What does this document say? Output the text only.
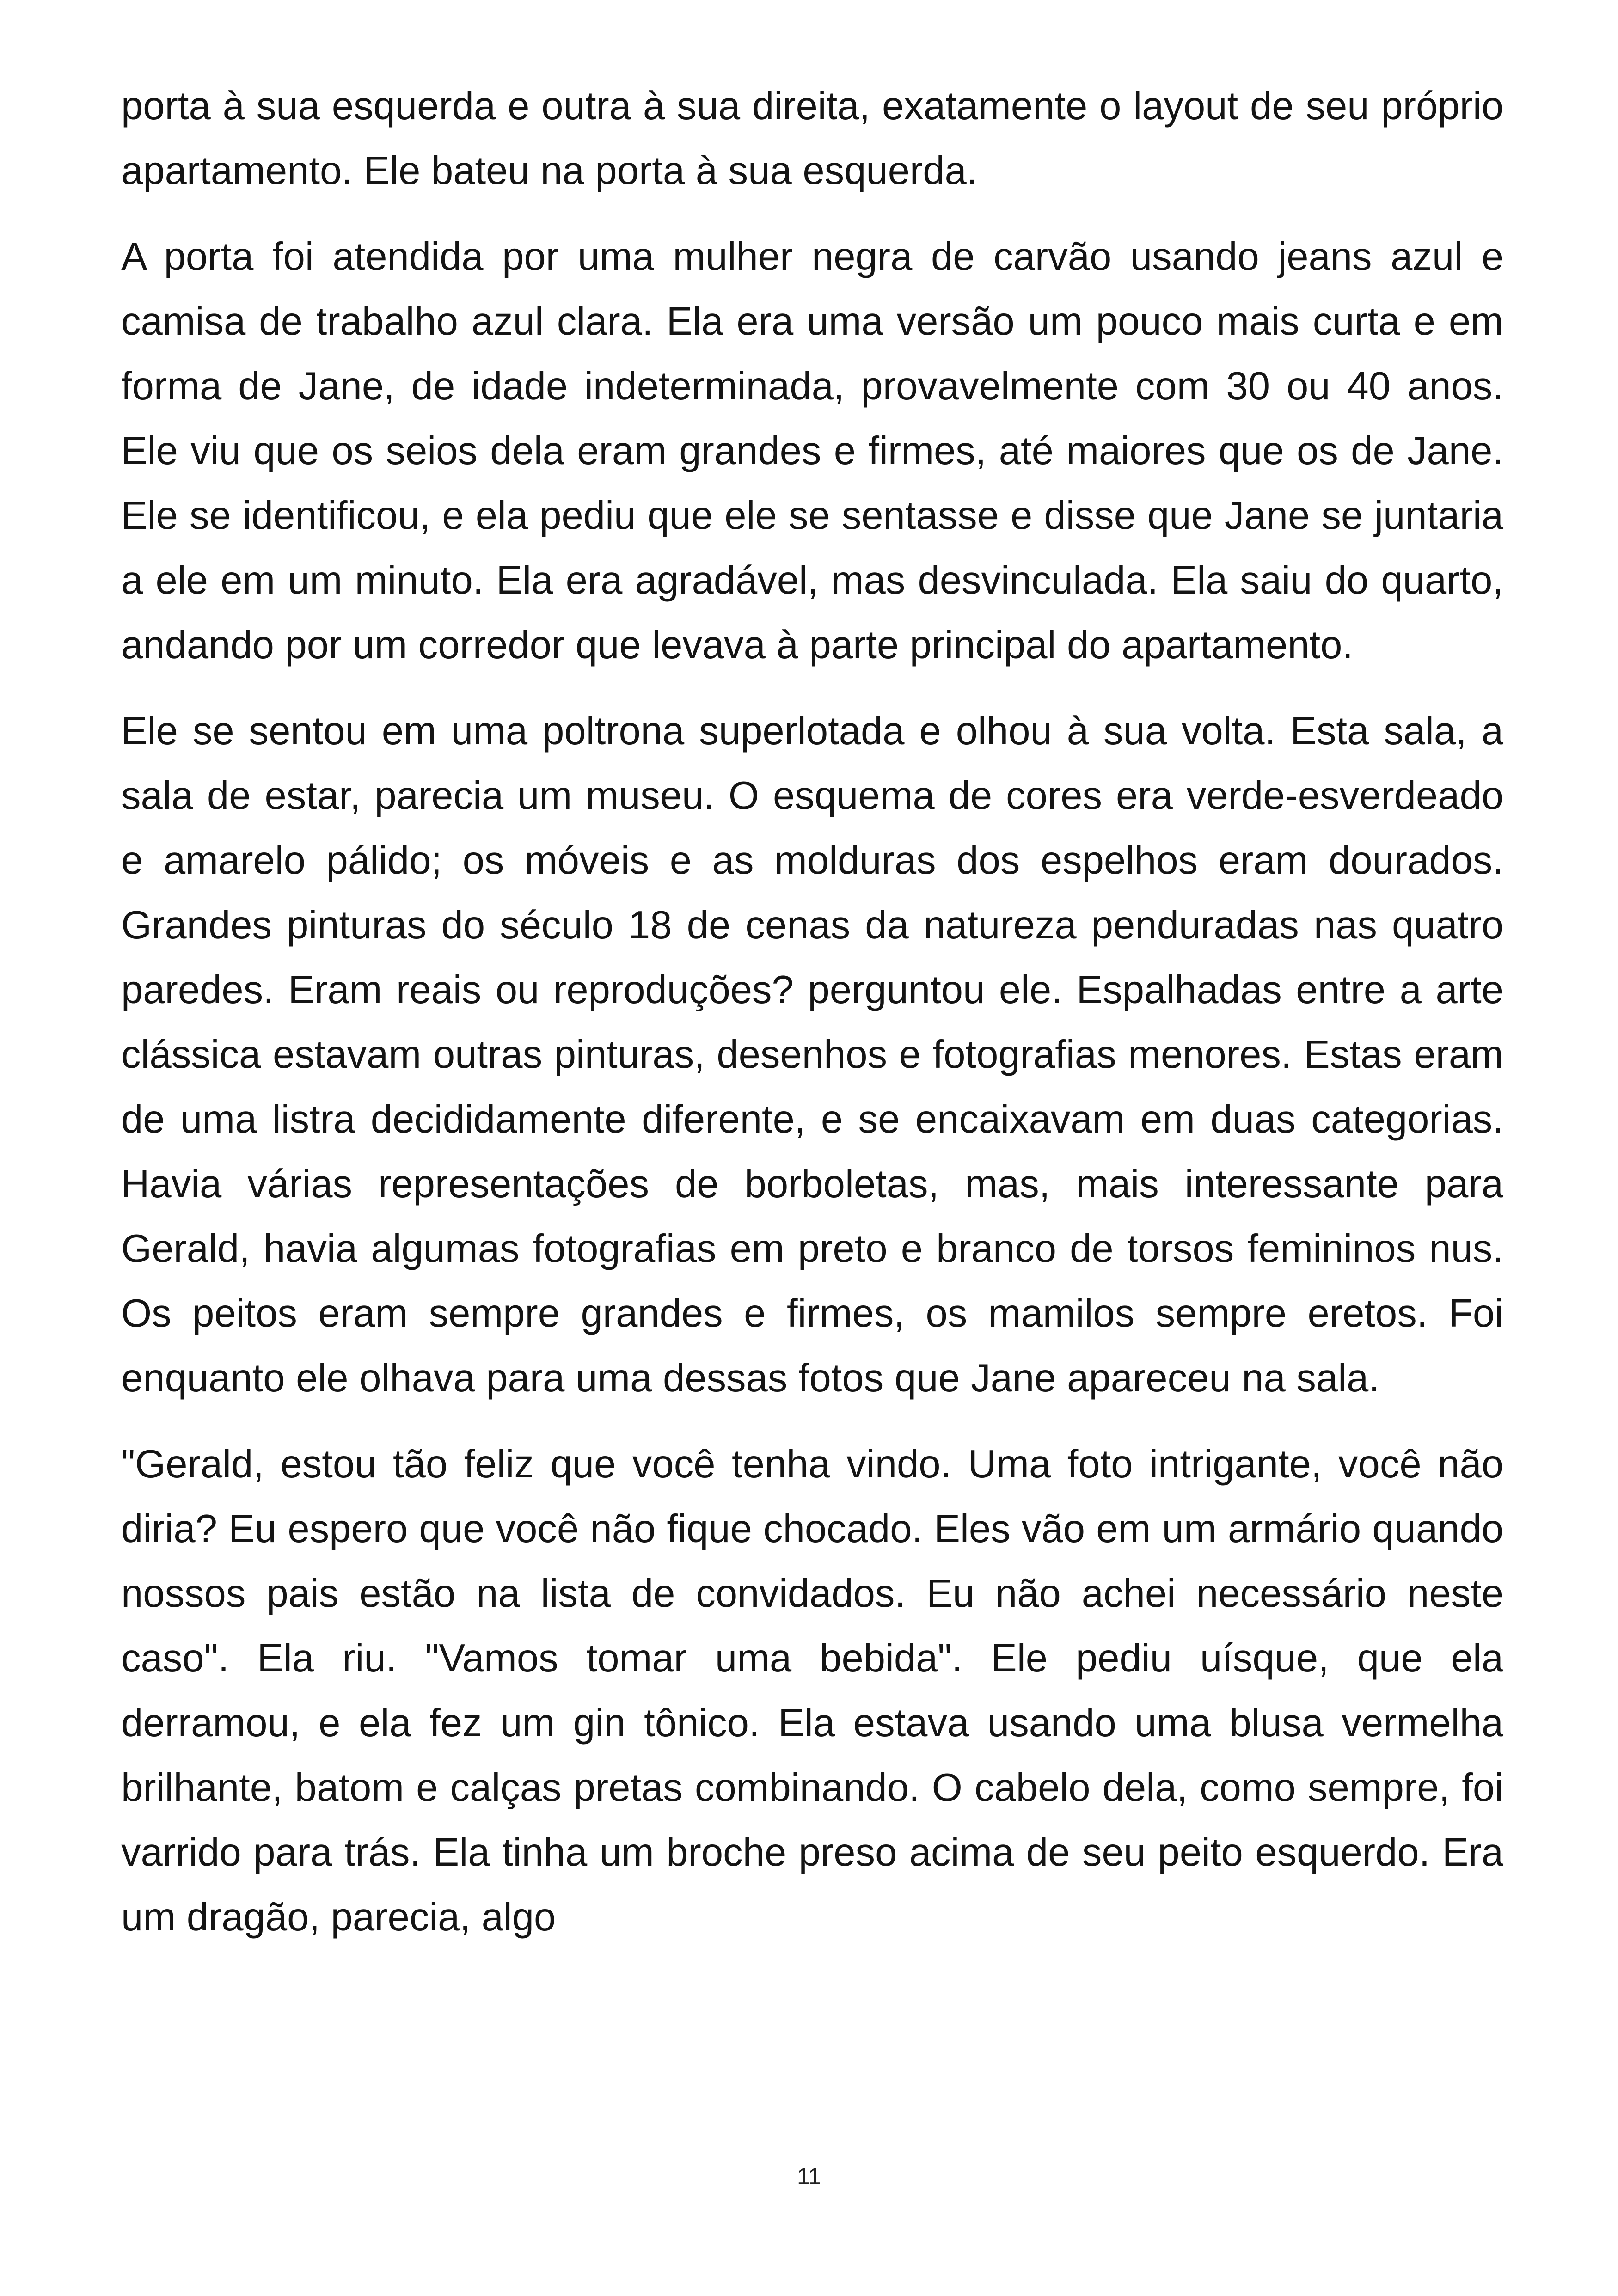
porta à sua esquerda e outra à sua direita, exatamente o layout de seu próprio apartamento. Ele bateu na porta à sua esquerda.

A porta foi atendida por uma mulher negra de carvão usando jeans azul e camisa de trabalho azul clara. Ela era uma versão um pouco mais curta e em forma de Jane, de idade indeterminada, provavelmente com 30 ou 40 anos. Ele viu que os seios dela eram grandes e firmes, até maiores que os de Jane. Ele se identificou, e ela pediu que ele se sentasse e disse que Jane se juntaria a ele em um minuto. Ela era agradável, mas desvinculada. Ela saiu do quarto, andando por um corredor que levava à parte principal do apartamento.

Ele se sentou em uma poltrona superlotada e olhou à sua volta. Esta sala, a sala de estar, parecia um museu. O esquema de cores era verde-esverdeado e amarelo pálido; os móveis e as molduras dos espelhos eram dourados. Grandes pinturas do século 18 de cenas da natureza penduradas nas quatro paredes. Eram reais ou reproduções? perguntou ele. Espalhadas entre a arte clássica estavam outras pinturas, desenhos e fotografias menores. Estas eram de uma listra decididamente diferente, e se encaixavam em duas categorias. Havia várias representações de borboletas, mas, mais interessante para Gerald, havia algumas fotografias em preto e branco de torsos femininos nus. Os peitos eram sempre grandes e firmes, os mamilos sempre eretos. Foi enquanto ele olhava para uma dessas fotos que Jane apareceu na sala.

"Gerald, estou tão feliz que você tenha vindo. Uma foto intrigante, você não diria? Eu espero que você não fique chocado. Eles vão em um armário quando nossos pais estão na lista de convidados. Eu não achei necessário neste caso". Ela riu. "Vamos tomar uma bebida". Ele pediu uísque, que ela derramou, e ela fez um gin tônico. Ela estava usando uma blusa vermelha brilhante, batom e calças pretas combinando. O cabelo dela, como sempre, foi varrido para trás. Ela tinha um broche preso acima de seu peito esquerdo. Era um dragão, parecia, algo

11
